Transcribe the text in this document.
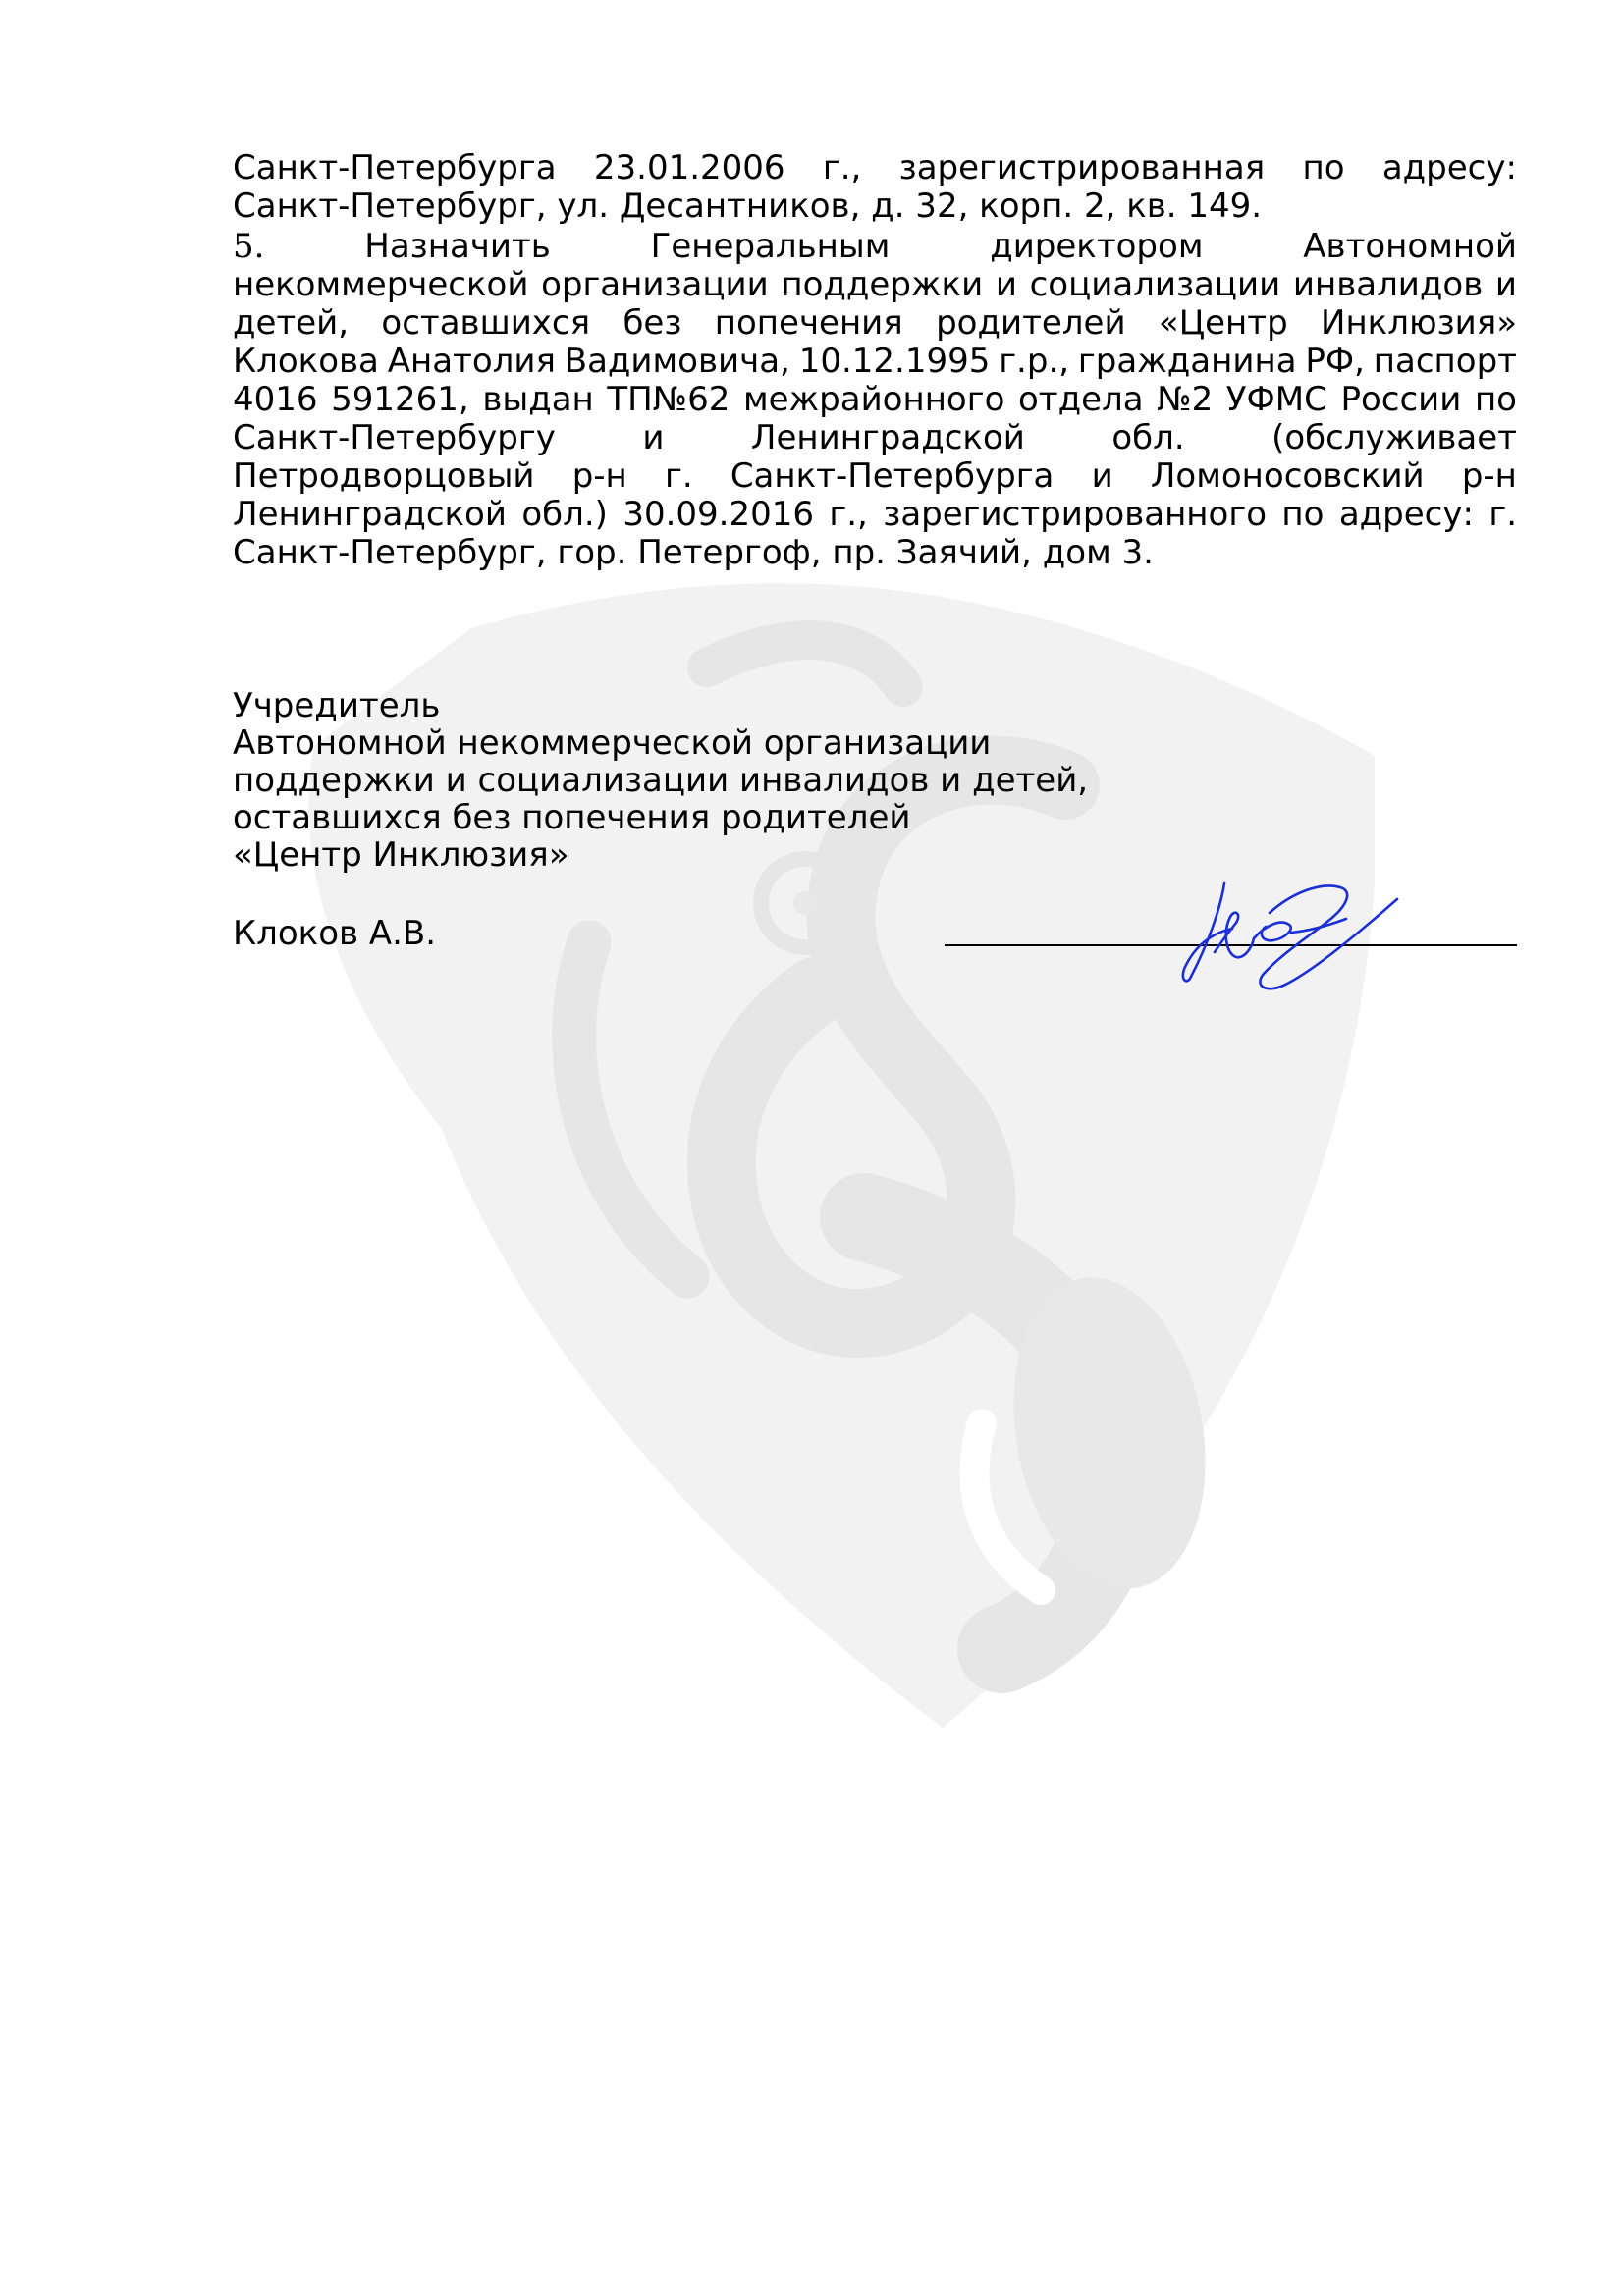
Санкт-Петербурга 23.01.2006 г., зарегистрированная по адресу:
Санкт-Петербург, ул. Десантников, д. 32, корп. 2, кв. 149.
5.	Назначить	Генеральным	директором	Автономной
некоммерческой организации поддержки и социализации инвалидов и
детей, оставшихся без попечения родителей «Центр Инклюзия»
Клокова Анатолия Вадимовича, 10.12.1995 г.р., гражданина РФ, паспорт
4016 591261, выдан ТП№62 межрайонного отдела №2 УФМС России по
Санкт-Петербургу	и	Ленинградской	обл.	(обслуживает
Петродворцовый р-н г. Санкт-Петербурга и Ломоносовский р-н
Ленинградской обл.) 30.09.2016 г., зарегистрированного по адресу: г.
Санкт-Петербург, гор. Петергоф, пр. Заячий, дом 3.
Учредитель
Автономной некоммерческой организации
поддержки и социализации инвалидов и детей,
оставшихся без попечения родителей
«Центр Инклюзия»
Клоков А.В.
